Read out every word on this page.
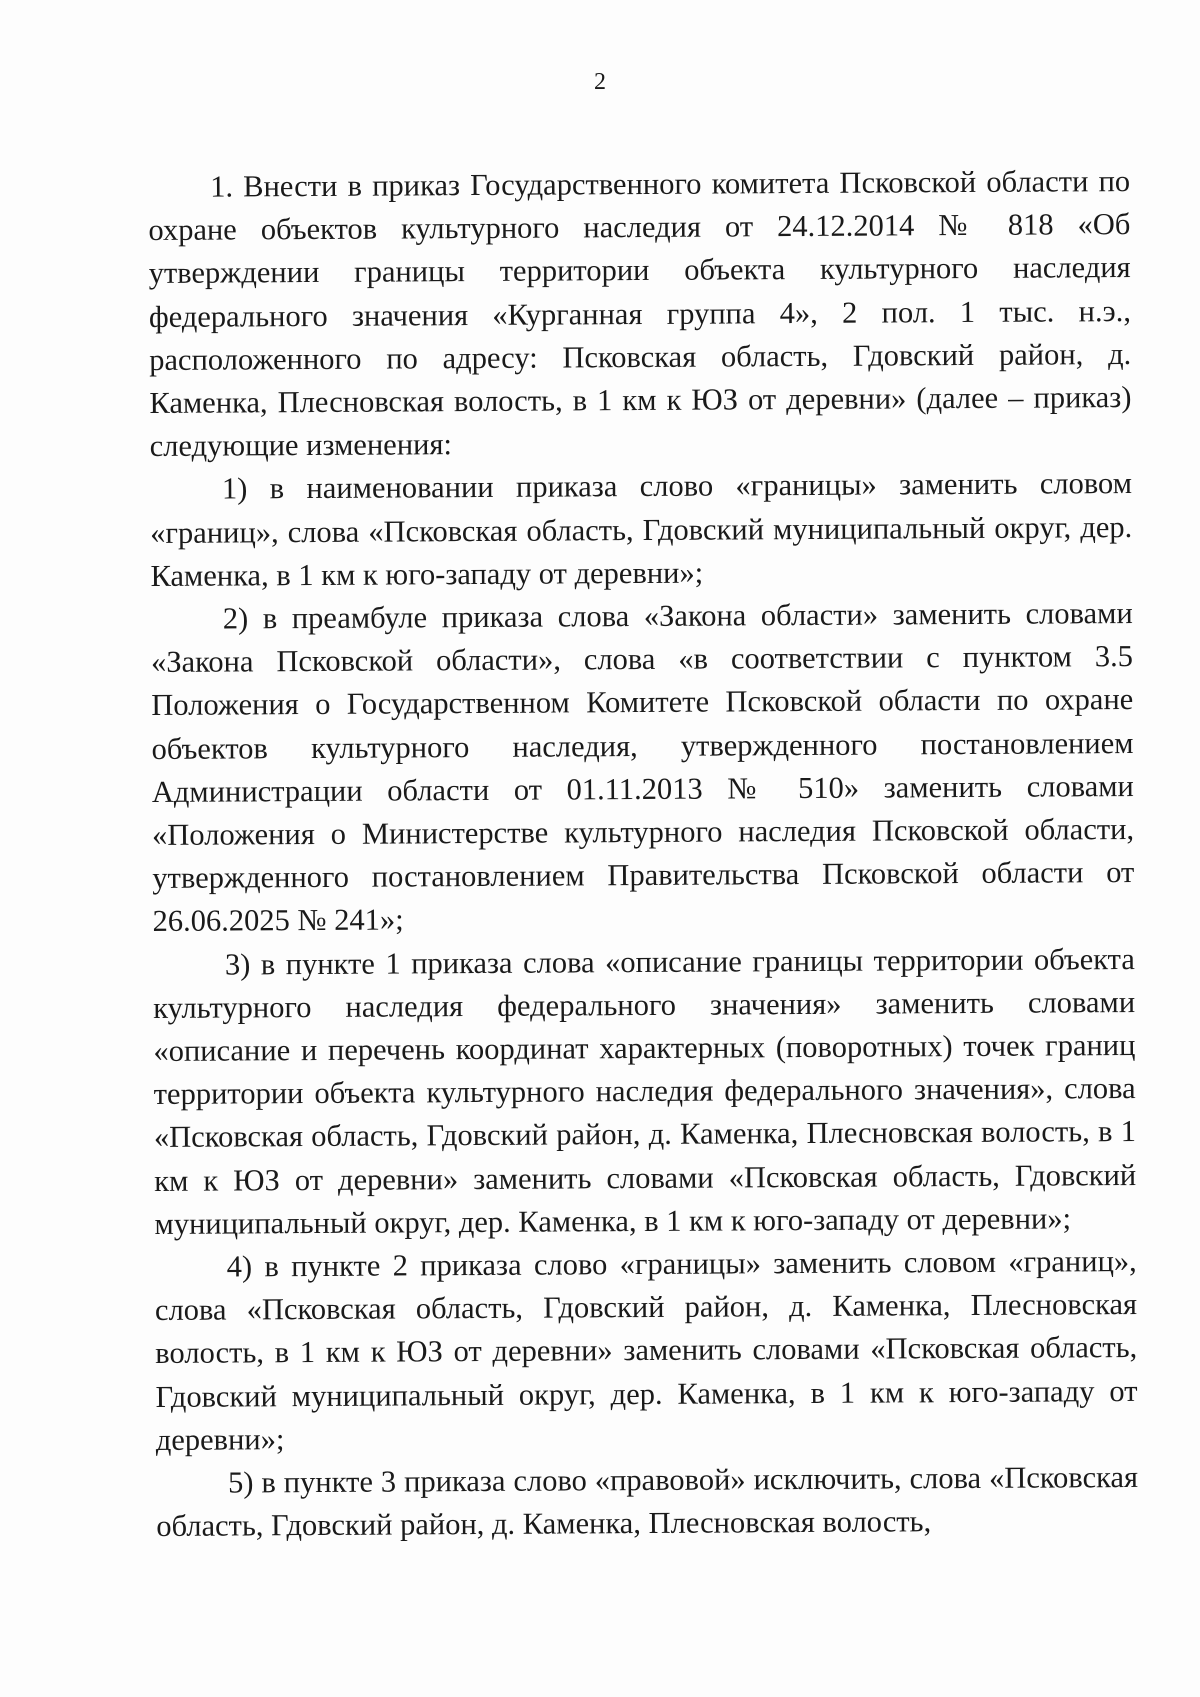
2

1. Внести в приказ Государственного комитета Псковской области по охране объектов культурного наследия от 24.12.2014 № 818 «Об утверждении границы территории объекта культурного наследия федерального значения «Курганная группа 4», 2 пол. 1 тыс. н.э., расположенного по адресу: Псковская область, Гдовский район, д. Каменка, Плесновская волость, в 1 км к ЮЗ от деревни» (далее – приказ) следующие изменения:

1) в наименовании приказа слово «границы» заменить словом «границ», слова «Псковская область, Гдовский муниципальный округ, дер. Каменка, в 1 км к юго-западу от деревни»;

2) в преамбуле приказа слова «Закона области» заменить словами «Закона Псковской области», слова «в соответствии с пунктом 3.5 Положения о Государственном Комитете Псковской области по охране объектов культурного наследия, утвержденного постановлением Администрации области от 01.11.2013 № 510» заменить словами «Положения о Министерстве культурного наследия Псковской области, утвержденного постановлением Правительства Псковской области от 26.06.2025 № 241»;

3) в пункте 1 приказа слова «описание границы территории объекта культурного наследия федерального значения» заменить словами «описание и перечень координат характерных (поворотных) точек границ территории объекта культурного наследия федерального значения», слова «Псковская область, Гдовский район, д. Каменка, Плесновская волость, в 1 км к ЮЗ от деревни» заменить словами «Псковская область, Гдовский муниципальный округ, дер. Каменка, в 1 км к юго-западу от деревни»;

4) в пункте 2 приказа слово «границы» заменить словом «границ», слова «Псковская область, Гдовский район, д. Каменка, Плесновская волость, в 1 км к ЮЗ от деревни» заменить словами «Псковская область, Гдовский муниципальный округ, дер. Каменка, в 1 км к юго-западу от деревни»;

5) в пункте 3 приказа слово «правовой» исключить, слова «Псковская область, Гдовский район, д. Каменка, Плесновская волость,
